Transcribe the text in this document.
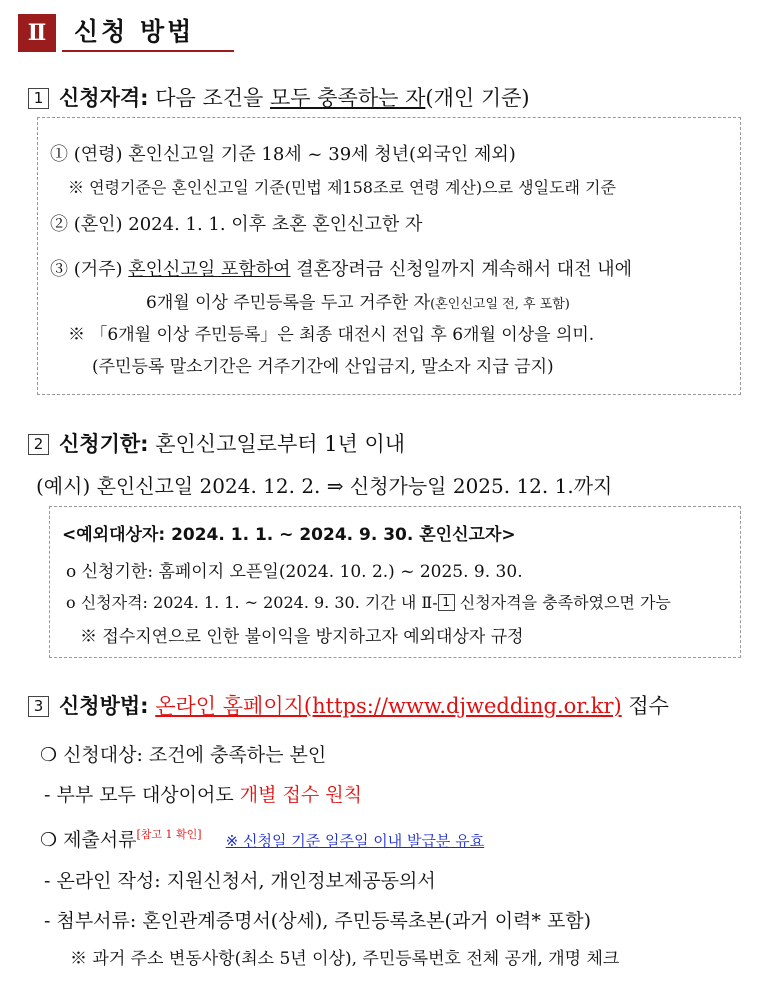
Ⅱ	신청 방법
1 신청자격: 다음 조건을 모두 충족하는 자(개인 기준)
① (연령) 혼인신고일 기준 18세 ~ 39세 청년(외국인 제외)
※ 연령기준은 혼인신고일 기준(민법 제158조로 연령 계산)으로 생일도래 기준
② (혼인) 2024. 1. 1. 이후 초혼 혼인신고한 자
③ (거주) 혼인신고일 포함하여 결혼장려금 신청일까지 계속해서 대전 내에
6개월 이상 주민등록을 두고 거주한 자(혼인신고일 전, 후 포함)
※ 「6개월 이상 주민등록」은 최종 대전시 전입 후 6개월 이상을 의미.
(주민등록 말소기간은 거주기간에 산입금지, 말소자 지급 금지)
2 신청기한: 혼인신고일로부터 1년 이내
(예시) 혼인신고일 2024. 12. 2. ⇒ 신청가능일 2025. 12. 1.까지
<예외대상자: 2024. 1. 1. ~ 2024. 9. 30. 혼인신고자>
o 신청기한: 홈페이지 오픈일(2024. 10. 2.) ~ 2025. 9. 30.
o 신청자격: 2024. 1. 1. ~ 2024. 9. 30. 기간 내 Ⅱ- 1 신청자격을 충족하였으면 가능
※ 접수지연으로 인한 불이익을 방지하고자 예외대상자 규정
3 신청방법: 온라인 홈페이지(https://www.djwedding.or.kr) 접수
❍ 신청대상: 조건에 충족하는 본인
- 부부 모두 대상이어도 개별 접수 원칙
❍ 제출서류[참고 1 확인] ※ 신청일 기준 일주일 이내 발급분 유효
- 온라인 작성: 지원신청서, 개인정보제공동의서
- 첨부서류: 혼인관계증명서(상세), 주민등록초본(과거 이력* 포함)
※ 과거 주소 변동사항(최소 5년 이상), 주민등록번호 전체 공개, 개명 체크
